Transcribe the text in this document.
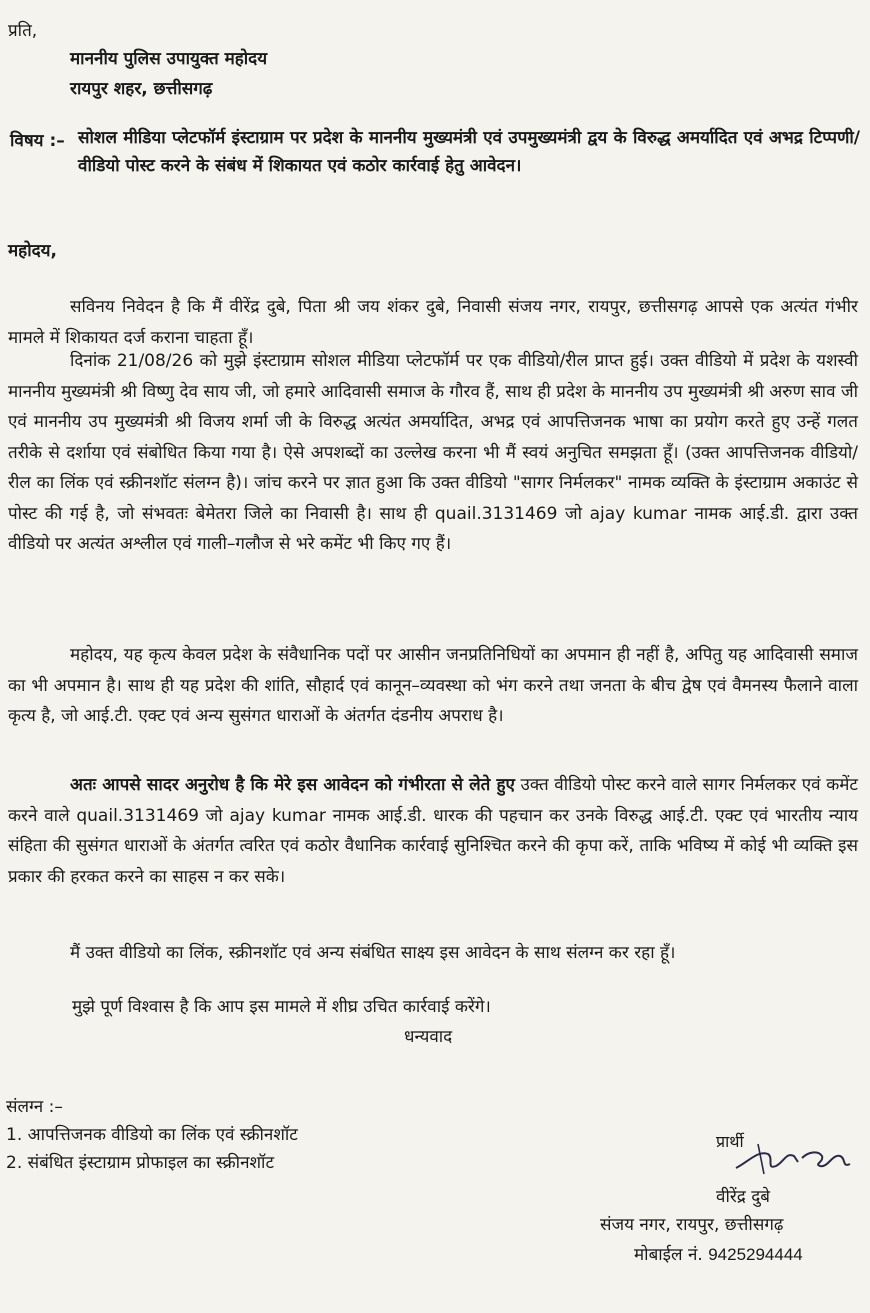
प्रति,

माननीय पुलिस उपायुक्त महोदय

रायपुर शहर, छत्तीसगढ़

विषय :– सोशल मीडिया प्लेटफॉर्म इंस्टाग्राम पर प्रदेश के माननीय मुख्यमंत्री एवं उपमुख्यमंत्री द्वय के विरुद्ध अमर्यादित एवं अभद्र टिप्पणी/वीडियो पोस्ट करने के संबंध में शिकायत एवं कठोर कार्रवाई हेतु आवेदन।

महोदय,

सविनय निवेदन है कि मैं वीरेंद्र दुबे, पिता श्री जय शंकर दुबे, निवासी संजय नगर, रायपुर, छत्तीसगढ़ आपसे एक अत्यंत गंभीर मामले में शिकायत दर्ज कराना चाहता हूँ।

दिनांक 21/08/26 को मुझे इंस्टाग्राम सोशल मीडिया प्लेटफॉर्म पर एक वीडियो/रील प्राप्त हुई। उक्त वीडियो में प्रदेश के यशस्वी माननीय मुख्यमंत्री श्री विष्णु देव साय जी, जो हमारे आदिवासी समाज के गौरव हैं, साथ ही प्रदेश के माननीय उप मुख्यमंत्री श्री अरुण साव जी एवं माननीय उप मुख्यमंत्री श्री विजय शर्मा जी के विरुद्ध अत्यंत अमर्यादित, अभद्र एवं आपत्तिजनक भाषा का प्रयोग करते हुए उन्हें गलत तरीके से दर्शाया एवं संबोधित किया गया है। ऐसे अपशब्दों का उल्लेख करना भी मैं स्वयं अनुचित समझता हूँ। (उक्त आपत्तिजनक वीडियो/रील का लिंक एवं स्क्रीनशॉट संलग्न है)। जांच करने पर ज्ञात हुआ कि उक्त वीडियो "सागर निर्मलकर" नामक व्यक्ति के इंस्टाग्राम अकाउंट से पोस्ट की गई है, जो संभवतः बेमेतरा जिले का निवासी है। साथ ही quail.3131469 जो ajay kumar नामक आई.डी. द्वारा उक्त वीडियो पर अत्यंत अश्लील एवं गाली–गलौज से भरे कमेंट भी किए गए हैं।

महोदय, यह कृत्य केवल प्रदेश के संवैधानिक पदों पर आसीन जनप्रतिनिधियों का अपमान ही नहीं है, अपितु यह आदिवासी समाज का भी अपमान है। साथ ही यह प्रदेश की शांति, सौहार्द एवं कानून–व्यवस्था को भंग करने तथा जनता के बीच द्वेष एवं वैमनस्य फैलाने वाला कृत्य है, जो आई.टी. एक्ट एवं अन्य सुसंगत धाराओं के अंतर्गत दंडनीय अपराध है।

अतः आपसे सादर अनुरोध है कि मेरे इस आवेदन को गंभीरता से लेते हुए उक्त वीडियो पोस्ट करने वाले सागर निर्मलकर एवं कमेंट करने वाले quail.3131469 जो ajay kumar नामक आई.डी. धारक की पहचान कर उनके विरुद्ध आई.टी. एक्ट एवं भारतीय न्याय संहिता की सुसंगत धाराओं के अंतर्गत त्वरित एवं कठोर वैधानिक कार्रवाई सुनिश्चित करने की कृपा करें, ताकि भविष्य में कोई भी व्यक्ति इस प्रकार की हरकत करने का साहस न कर सके।

मैं उक्त वीडियो का लिंक, स्क्रीनशॉट एवं अन्य संबंधित साक्ष्य इस आवेदन के साथ संलग्न कर रहा हूँ।

मुझे पूर्ण विश्वास है कि आप इस मामले में शीघ्र उचित कार्रवाई करेंगे।

धन्यवाद

संलग्न :–

1. आपत्तिजनक वीडियो का लिंक एवं स्क्रीनशॉट

2. संबंधित इंस्टाग्राम प्रोफाइल का स्क्रीनशॉट

प्रार्थी

वीरेंद्र दुबे

संजय नगर, रायपुर, छत्तीसगढ़

मोबाईल नं. 9425294444
